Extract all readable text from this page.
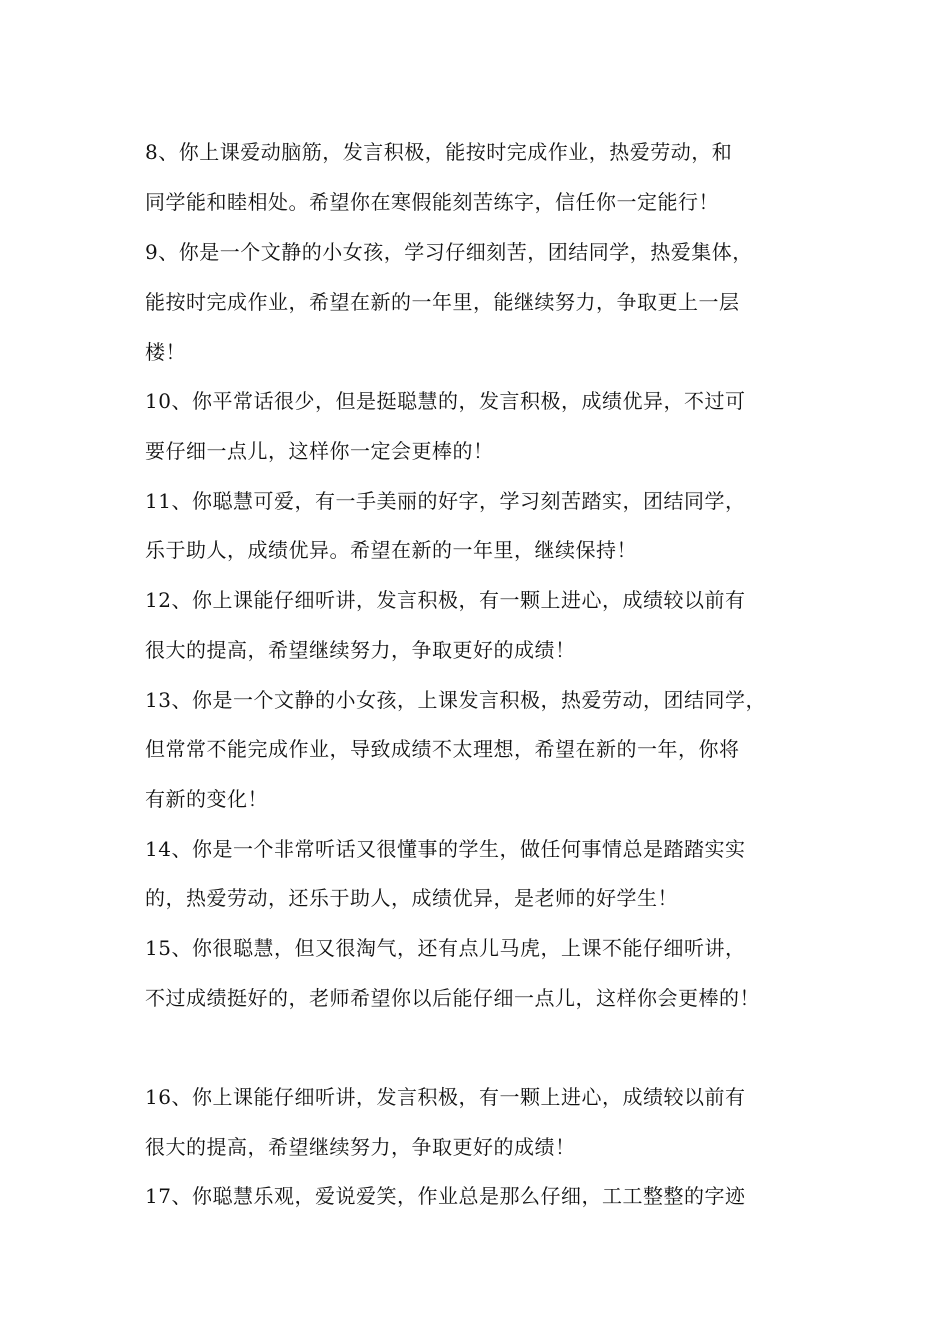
8、你上课爱动脑筋，发言积极，能按时完成作业，热爱劳动，和
同学能和睦相处。希望你在寒假能刻苦练字，信任你一定能行！
9、你是一个文静的小女孩，学习仔细刻苦，团结同学，热爱集体，
能按时完成作业，希望在新的一年里，能继续努力，争取更上一层
楼！
10、你平常话很少，但是挺聪慧的，发言积极，成绩优异，不过可
要仔细一点儿，这样你一定会更棒的！
11、你聪慧可爱，有一手美丽的好字，学习刻苦踏实，团结同学，
乐于助人，成绩优异。希望在新的一年里，继续保持！
12、你上课能仔细听讲，发言积极，有一颗上进心，成绩较以前有
很大的提高，希望继续努力，争取更好的成绩！
13、你是一个文静的小女孩，上课发言积极，热爱劳动，团结同学，
但常常不能完成作业，导致成绩不太理想，希望在新的一年，你将
有新的变化！
14、你是一个非常听话又很懂事的学生，做任何事情总是踏踏实实
的，热爱劳动，还乐于助人，成绩优异，是老师的好学生！
15、你很聪慧，但又很淘气，还有点儿马虎，上课不能仔细听讲，
不过成绩挺好的，老师希望你以后能仔细一点儿，这样你会更棒的！
16、你上课能仔细听讲，发言积极，有一颗上进心，成绩较以前有
很大的提高，希望继续努力，争取更好的成绩！
17、你聪慧乐观，爱说爱笑，作业总是那么仔细，工工整整的字迹
